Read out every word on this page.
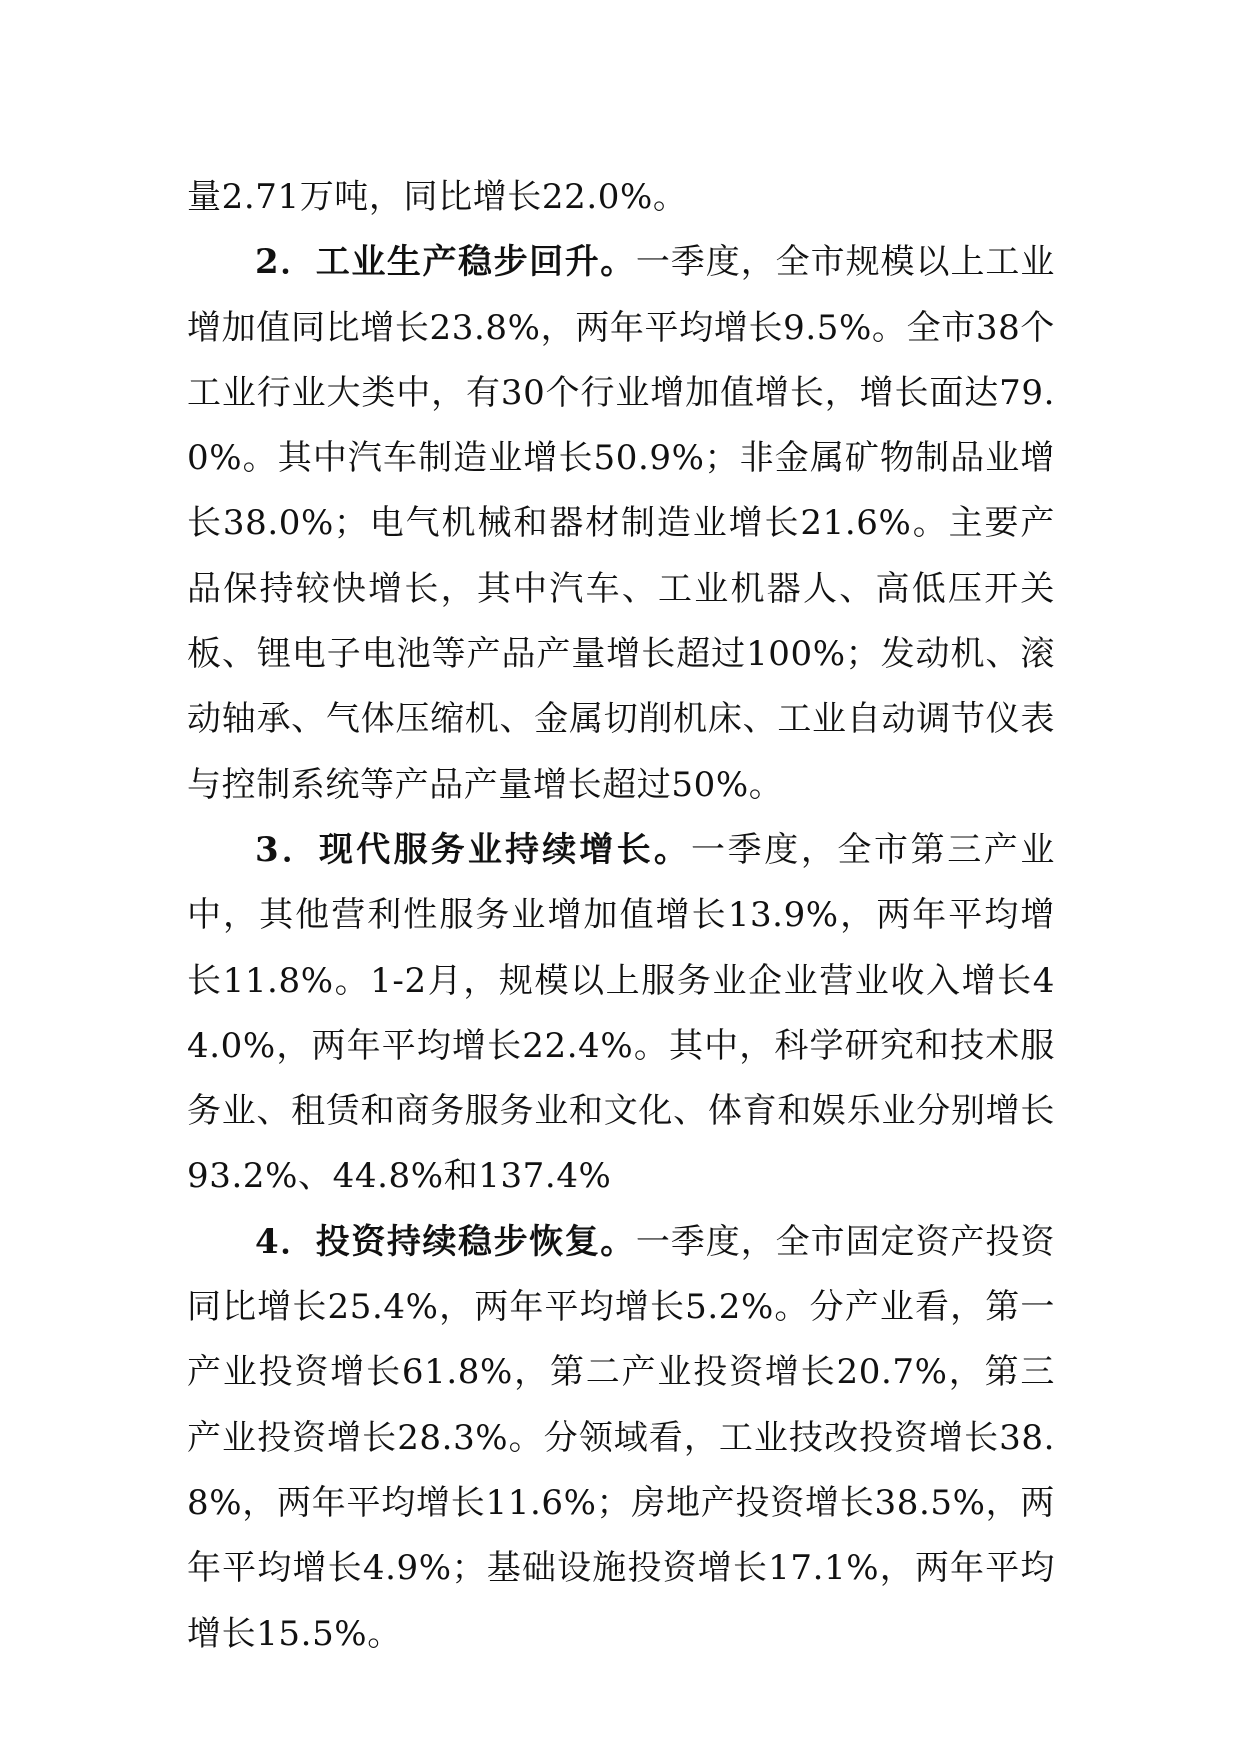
量2.71万吨，同比增长22.0%。

2．工业生产稳步回升。一季度，全市规模以上工业增加值同比增长23.8%，两年平均增长9.5%。全市38个工业行业大类中，有30个行业增加值增长，增长面达79.0%。其中汽车制造业增长50.9%；非金属矿物制品业增长38.0%；电气机械和器材制造业增长21.6%。主要产品保持较快增长，其中汽车、工业机器人、高低压开关板、锂电子电池等产品产量增长超过100%；发动机、滚动轴承、气体压缩机、金属切削机床、工业自动调节仪表与控制系统等产品产量增长超过50%。

3．现代服务业持续增长。一季度，全市第三产业中，其他营利性服务业增加值增长13.9%，两年平均增长11.8%。1-2月，规模以上服务业企业营业收入增长44.0%，两年平均增长22.4%。其中，科学研究和技术服务业、租赁和商务服务业和文化、体育和娱乐业分别增长93.2%、44.8%和137.4%

4．投资持续稳步恢复。一季度，全市固定资产投资同比增长25.4%，两年平均增长5.2%。分产业看，第一产业投资增长61.8%，第二产业投资增长20.7%，第三产业投资增长28.3%。分领域看，工业技改投资增长38.8%，两年平均增长11.6%；房地产投资增长38.5%，两年平均增长4.9%；基础设施投资增长17.1%，两年平均增长15.5%。
